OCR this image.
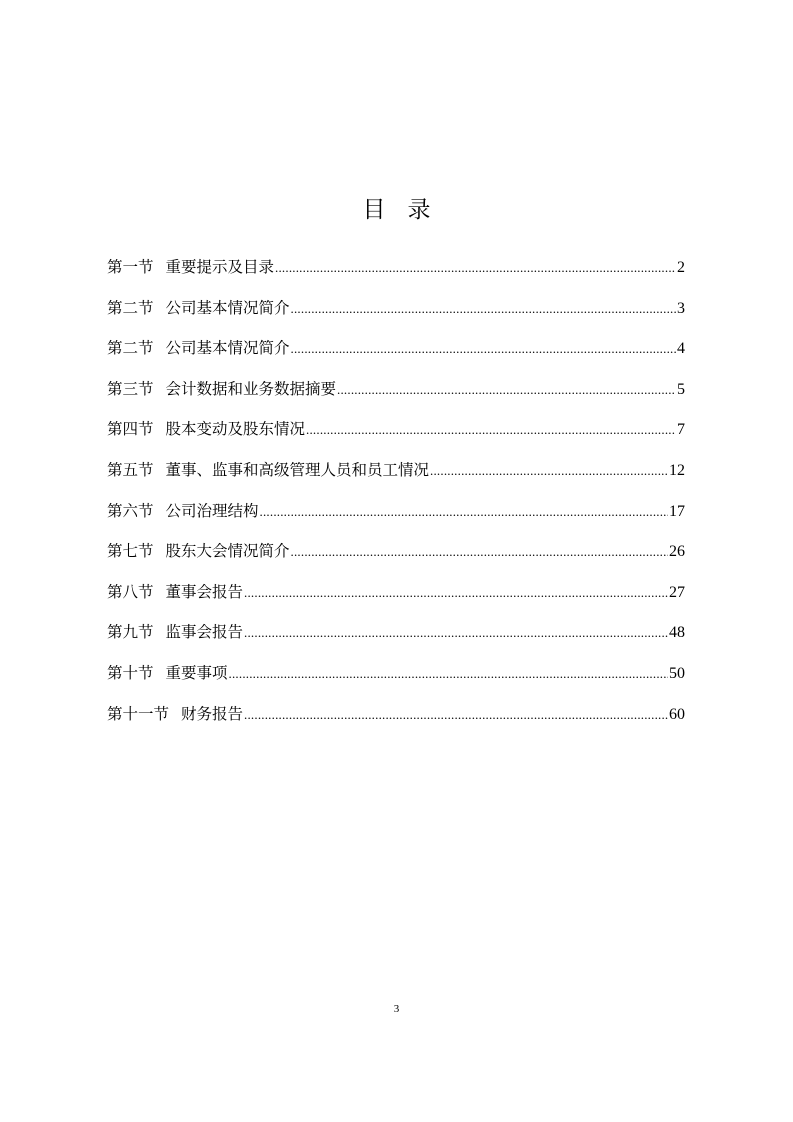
目 录
第一节 重要提示及目录 .....	2
第二节 公司基本情况简介 .....	3
第二节 公司基本情况简介 .....	4
第三节 会计数据和业务数据摘要 .....	5
第四节 股本变动及股东情况 .....	7
第五节 董事、监事和高级管理人员和员工情况 .....	12
第六节 公司治理结构 .....	17
第七节 股东大会情况简介 .....	26
第八节 董事会报告 .....	27
第九节 监事会报告 .....	48
第十节 重要事项 .....	50
第十一节 财务报告 .....	60
3
